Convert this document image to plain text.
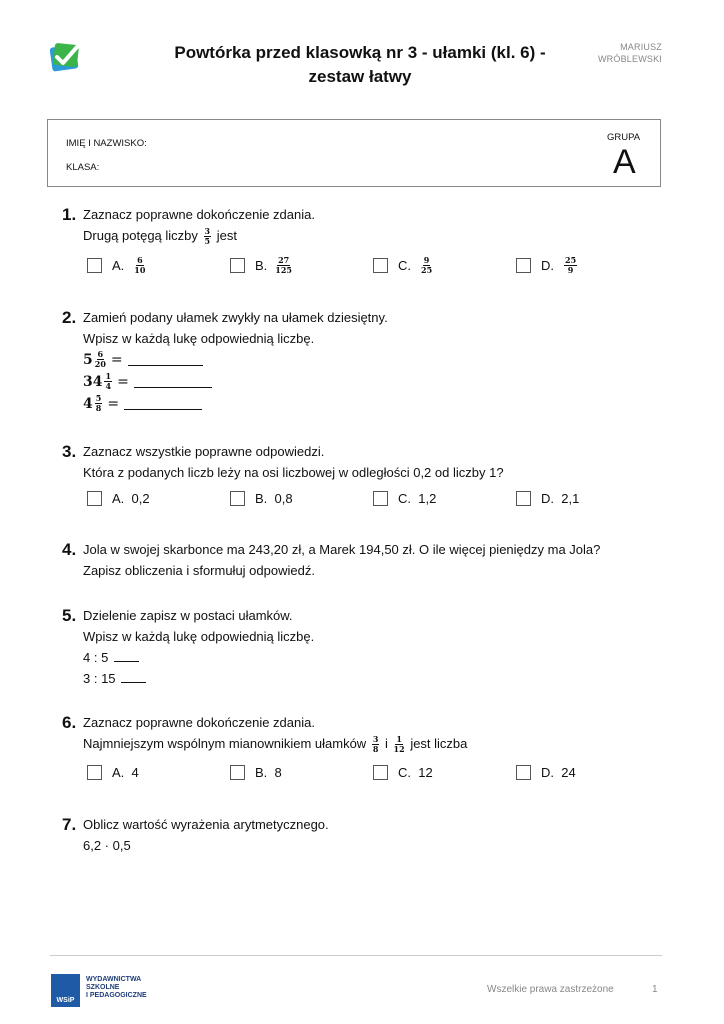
Powtórka przed klasowką nr 3 - ułamki (kl. 6) -
zestaw łatwy
MARIUSZ
WRÓBLEWSKI
IMIĘ I NAZWISKO:
KLASA:
GRUPA
A
1. Zaznacz poprawne dokończenie zdania.
Drugą potęgą liczby $\frac{3}{5}$ jest
A. $\frac{6}{10}$	B. $\frac{27}{125}$	C. $\frac{9}{25}$	D. $\frac{25}{9}$
2. Zamień podany ułamek zwykły na ułamek dziesiętny.
Wpisz w każdą lukę odpowiednią liczbę.
$5 \frac{6}{20}$ =
$34 \frac{1}{4}$ =
$4 \frac{5}{8}$ =
3. Zaznacz wszystkie poprawne odpowiedzi.
Która z podanych liczb leży na osi liczbowej w odległości 0,2 od liczby 1?
A.
0,2	B.
0,8	C.
1,2	D.
2,1
4. Jola w swojej skarbonce ma 243,20 zł, a Marek 194,50 zł. O ile więcej pieniędzy ma Jola?
Zapisz obliczenia i sformułuj odpowiedź.
5. Dzielenie zapisz w postaci ułamków.
Wpisz w każdą lukę odpowiednią liczbę.
4 : 5
3 : 15
6. Zaznacz poprawne dokończenie zdania.
Najmniejszym wspólnym mianownikiem ułamków $\frac{3}{8}$ i $\frac{1}{12}$ jest liczba
A.
4	B.
8	C.
12	D.
24
7. Oblicz wartość wyrażenia arytmetycznego.
6,2 · 0,5
WSiP
WYDAWNICTWA
SZKOLNE
I PEDAGOGICZNE
Wszelkie prawa zastrzeżone	1
